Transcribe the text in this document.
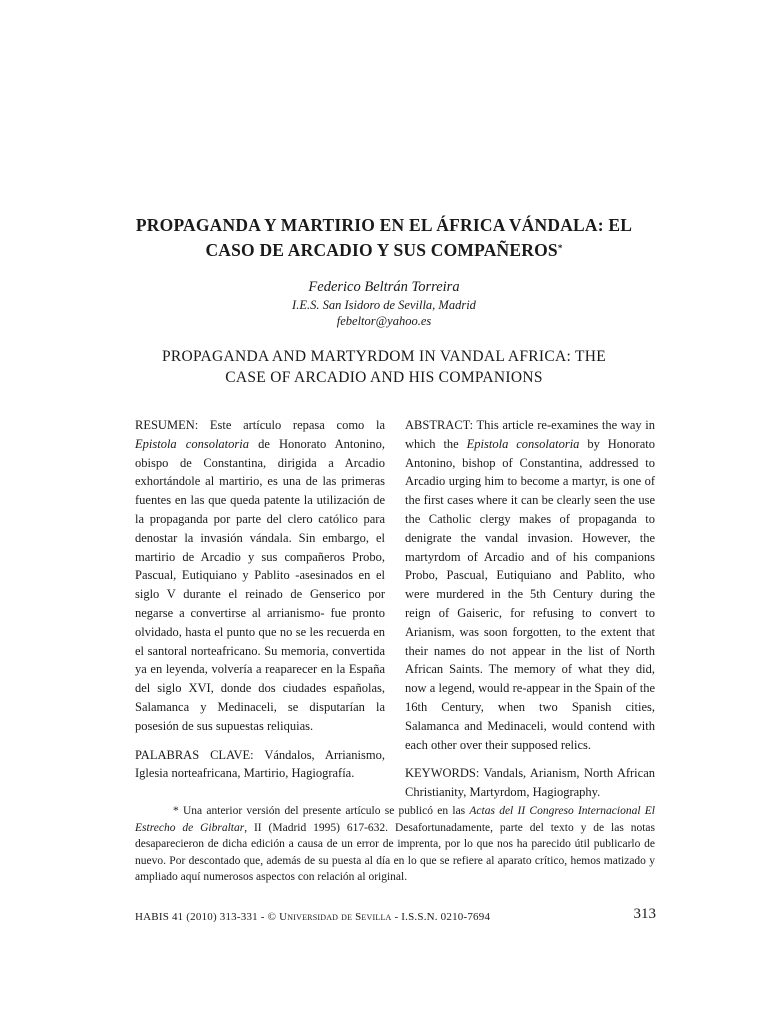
PROPAGANDA Y MARTIRIO EN EL ÁFRICA VÁNDALA: EL
CASO DE ARCADIO Y SUS COMPAÑEROS*
Federico Beltrán Torreira
I.E.S. San Isidoro de Sevilla, Madrid
febeltor@yahoo.es
PROPAGANDA AND MARTYRDOM IN VANDAL AFRICA: THE
CASE OF ARCADIO AND HIS COMPANIONS

RESUMEN: Este artículo repasa como la Epistola consolatoria de Honorato Antonino, obispo de Constantina, dirigida a Arcadio exhortándole al martirio, es una de las primeras fuentes en las que queda patente la utilización de la propaganda por parte del clero católico para denostar la invasión vándala. Sin embargo, el martirio de Arcadio y sus compañeros Probo, Pascual, Eutiquiano y Pablito -asesinados en el siglo V durante el reinado de Genserico por negarse a convertirse al arrianismo- fue pronto olvidado, hasta el punto que no se les recuerda en el santoral norteafricano. Su memoria, convertida ya en leyenda, volvería a reaparecer en la España del siglo XVI, donde dos ciudades españolas, Salamanca y Medinaceli, se disputarían la posesión de sus supuestas reliquias.

PALABRAS CLAVE: Vándalos, Arrianismo, Iglesia norteafricana, Martirio, Hagiografía.

ABSTRACT: This article re-examines the way in which the Epistola consolatoria by Honorato Antonino, bishop of Constantina, addressed to Arcadio urging him to become a martyr, is one of the first cases where it can be clearly seen the use the Catholic clergy makes of propaganda to denigrate the vandal invasion. However, the martyrdom of Arcadio and of his companions Probo, Pascual, Eutiquiano and Pablito, who were murdered in the 5th Century during the reign of Gaiseric, for refusing to convert to Arianism, was soon forgotten, to the extent that their names do not appear in the list of North African Saints. The memory of what they did, now a legend, would re-appear in the Spain of the 16th Century, when two Spanish cities, Salamanca and Medinaceli, would contend with each other over their supposed relics.

KEYWORDS: Vandals, Arianism, North African Christianity, Martyrdom, Hagiography.

* Una anterior versión del presente artículo se publicó en las Actas del II Congreso Internacional El Estrecho de Gibraltar, II (Madrid 1995) 617-632. Desafortunadamente, parte del texto y de las notas desaparecieron de dicha edición a causa de un error de imprenta, por lo que nos ha parecido útil publicarlo de nuevo. Por descontado que, además de su puesta al día en lo que se refiere al aparato crítico, hemos matizado y ampliado aquí numerosos aspectos con relación al original.

HABIS 41 (2010) 313-331 - © Universidad de Sevilla - I.S.S.N. 0210-7694	313
